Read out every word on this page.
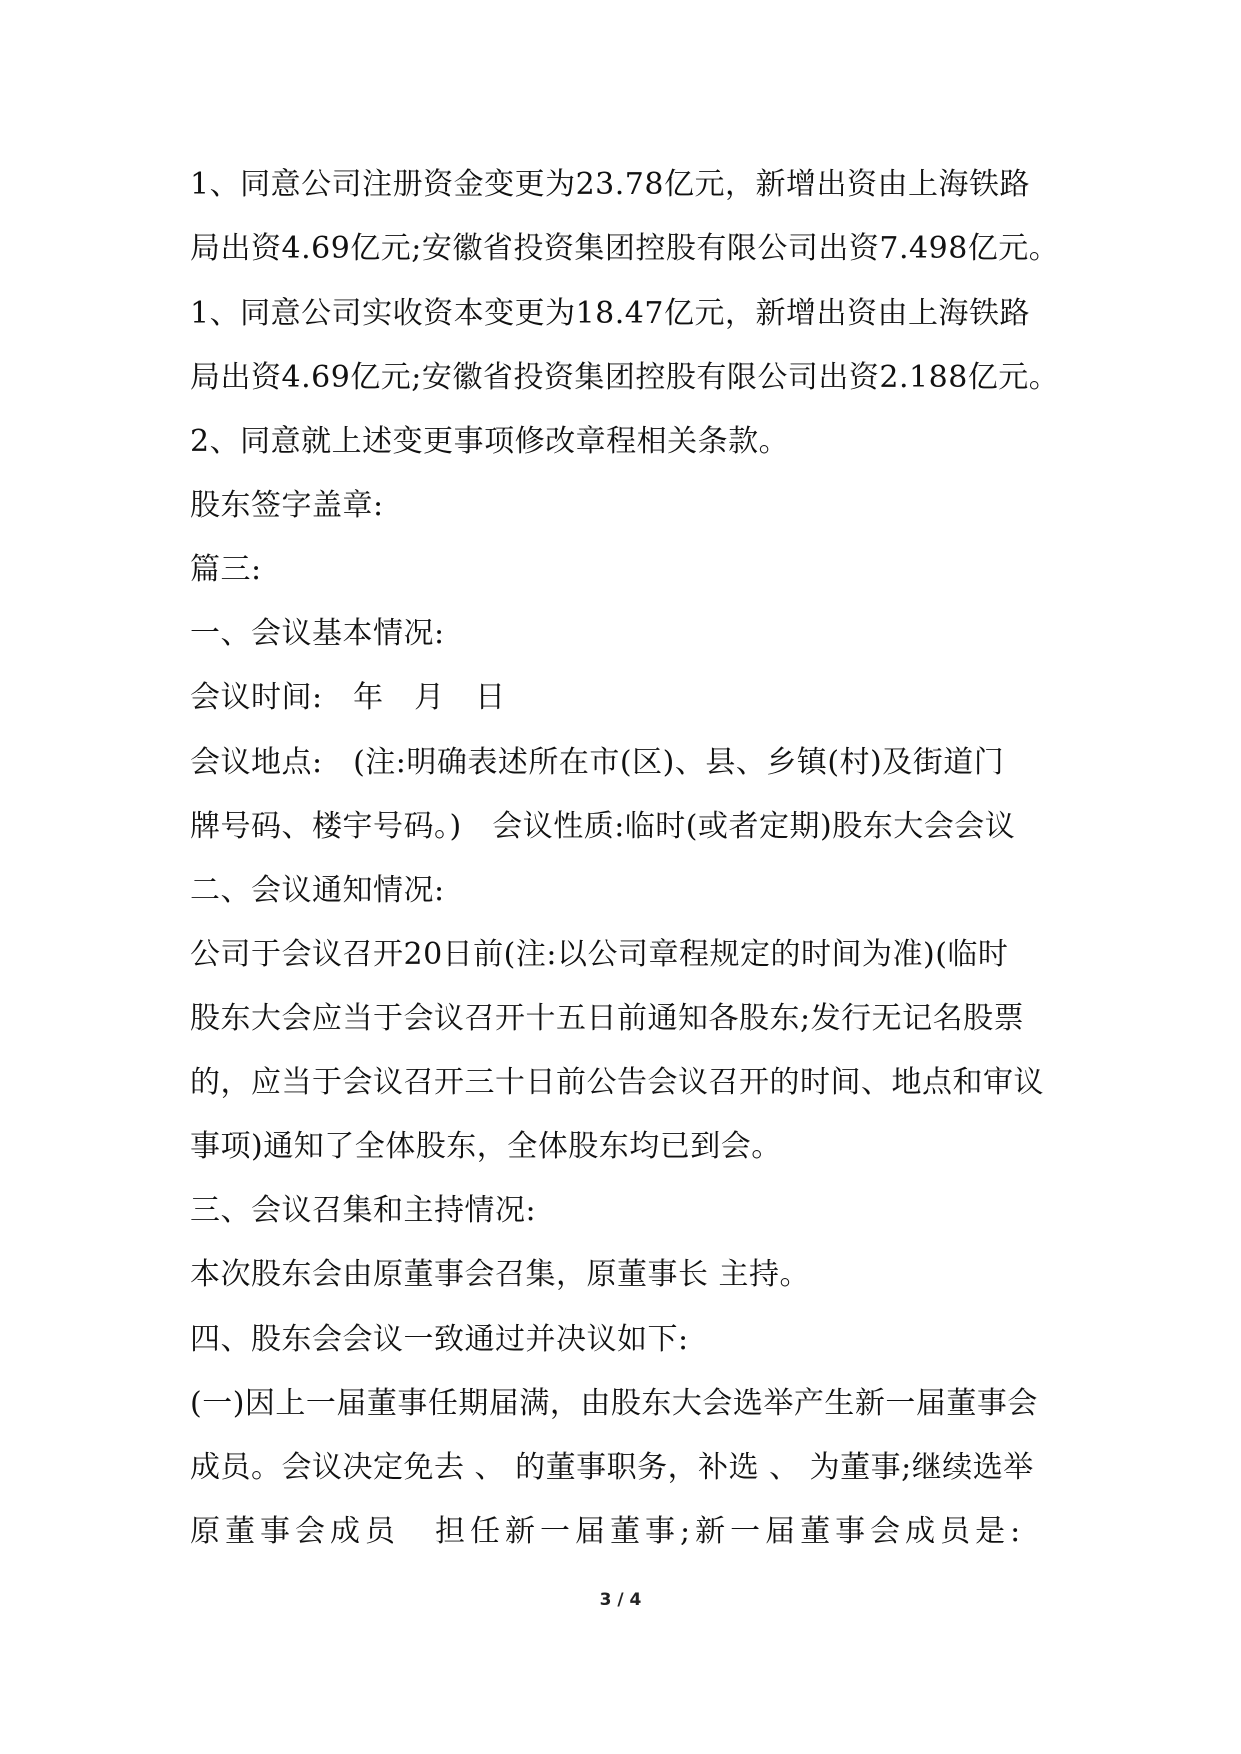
1、同意公司注册资金变更为23.78亿元，新增出资由上海铁路
局出资4.69亿元;安徽省投资集团控股有限公司出资7.498亿元。
1、同意公司实收资本变更为18.47亿元，新增出资由上海铁路
局出资4.69亿元;安徽省投资集团控股有限公司出资2.188亿元。
2、同意就上述变更事项修改章程相关条款。
股东签字盖章:
篇三:
一、会议基本情况:
会议时间:　年　月　日
会议地点:　(注:明确表述所在市(区)、县、乡镇(村)及街道门
牌号码、楼宇号码。)　会议性质:临时(或者定期)股东大会会议
二、会议通知情况:
公司于会议召开20日前(注:以公司章程规定的时间为准)(临时
股东大会应当于会议召开十五日前通知各股东;发行无记名股票
的，应当于会议召开三十日前公告会议召开的时间、地点和审议
事项)通知了全体股东，全体股东均已到会。
三、会议召集和主持情况:
本次股东会由原董事会召集，原董事长 主持。
四、股东会会议一致通过并决议如下:
(一)因上一届董事任期届满，由股东大会选举产生新一届董事会
成员。会议决定免去 、 的董事职务，补选 、 为董事;继续选举
原董事会成员　担任新一届董事;新一届董事会成员是:
3 / 4
